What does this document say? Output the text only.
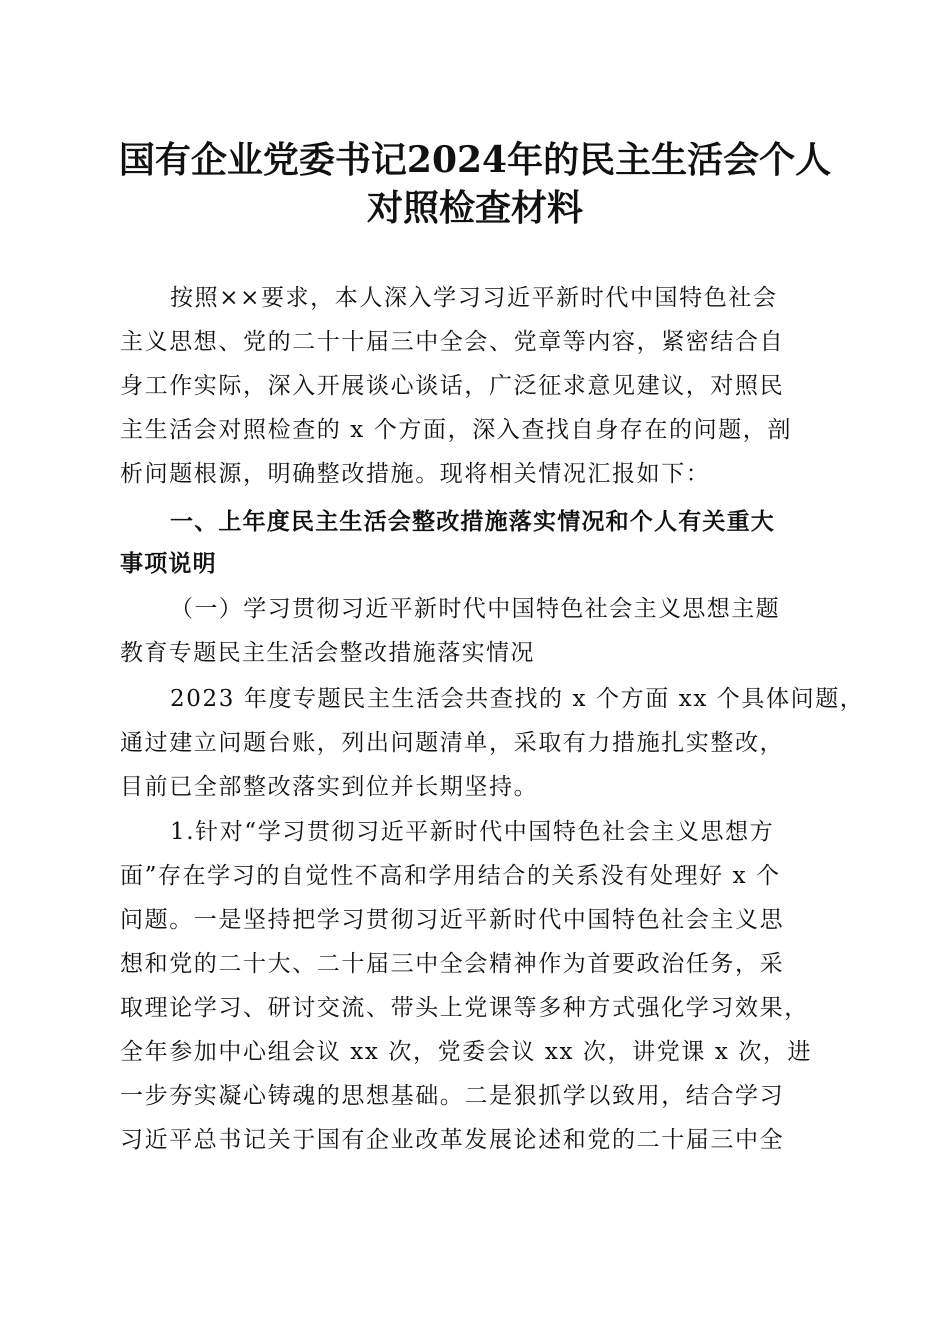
国有企业党委书记2024年的民主生活会个人
对照检查材料

按照××要求，本人深入学习习近平新时代中国特色社会

主义思想、党的二十十届三中全会、党章等内容，紧密结合自

身工作实际，深入开展谈心谈话，广泛征求意见建议，对照民

主生活会对照检查的 x 个方面，深入查找自身存在的问题，剖

析问题根源，明确整改措施。现将相关情况汇报如下：

一、上年度民主生活会整改措施落实情况和个人有关重大

事项说明

（一）学习贯彻习近平新时代中国特色社会主义思想主题

教育专题民主生活会整改措施落实情况

2023 年度专题民主生活会共查找的 x 个方面 xx 个具体问题，

通过建立问题台账，列出问题清单，采取有力措施扎实整改，

目前已全部整改落实到位并长期坚持。

1.针对“学习贯彻习近平新时代中国特色社会主义思想方

面”存在学习的自觉性不高和学用结合的关系没有处理好 x 个

问题。一是坚持把学习贯彻习近平新时代中国特色社会主义思

想和党的二十大、二十届三中全会精神作为首要政治任务，采

取理论学习、研讨交流、带头上党课等多种方式强化学习效果，

全年参加中心组会议 xx 次，党委会议 xx 次，讲党课 x 次，进

一步夯实凝心铸魂的思想基础。二是狠抓学以致用，结合学习

习近平总书记关于国有企业改革发展论述和党的二十届三中全
